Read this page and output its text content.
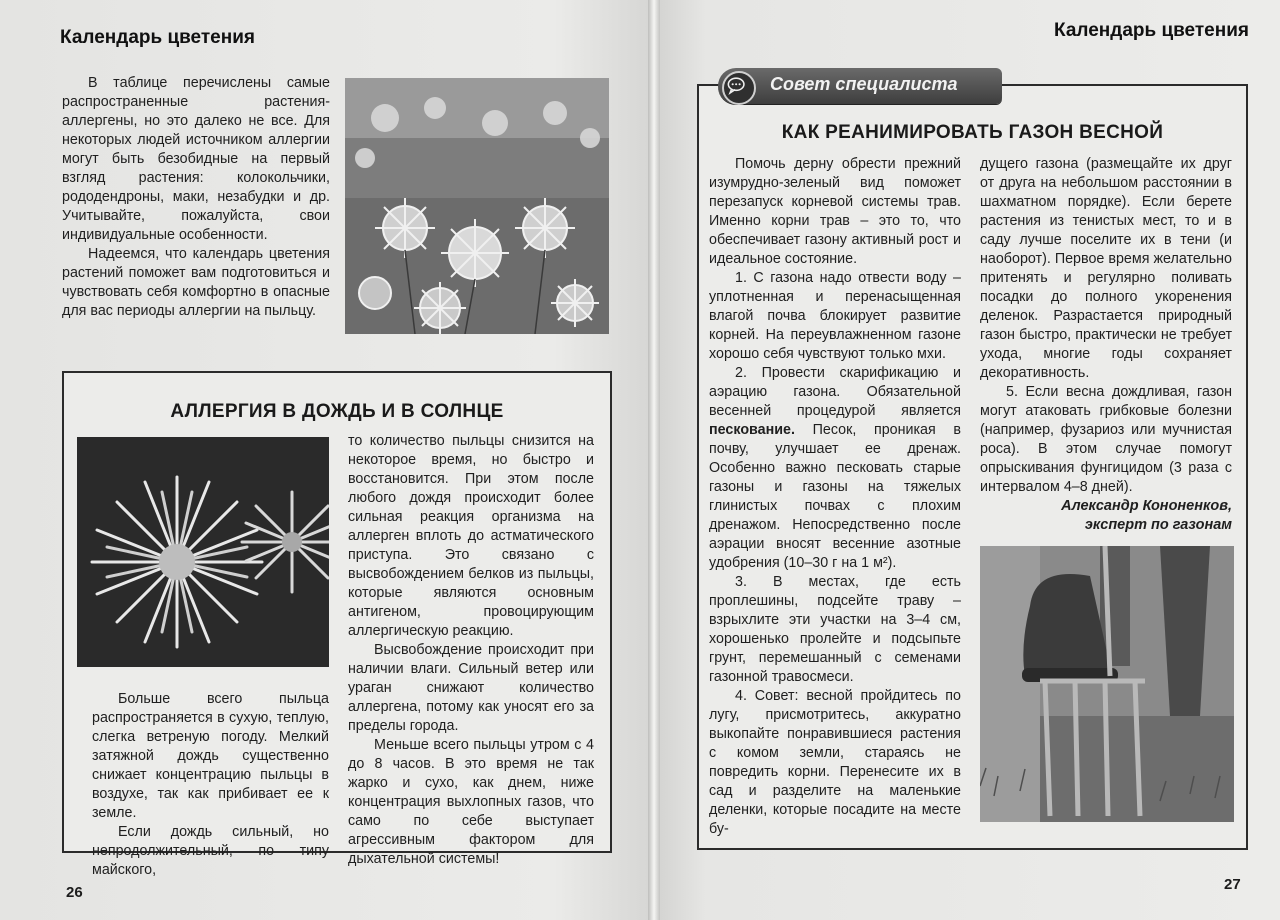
Календарь цветения

В таблице перечислены самые распространенные растения-аллергены, но это далеко не все. Для некоторых людей источником аллергии могут быть безобидные на первый взгляд растения: колокольчики, рододендроны, маки, незабудки и др. Учитывайте, пожалуйста, свои индивидуальные особенности.

Надеемся, что календарь цветения растений поможет вам подготовиться и чувствовать себя комфортно в опасные для вас периоды аллергии на пыльцу.

АЛЛЕРГИЯ В ДОЖДЬ И В СОЛНЦЕ

Больше всего пыльца распространяется в сухую, теплую, слегка ветреную погоду. Мелкий затяжной дождь существенно снижает концентрацию пыльцы в воздухе, так как прибивает ее к земле.

Если дождь сильный, но непродолжительный, по типу майского,

то количество пыльцы снизится на некоторое время, но быстро и восстановится. При этом после любого дождя происходит более сильная реакция организма на аллерген вплоть до астматического приступа. Это связано с высвобождением белков из пыльцы, которые являются основным антигеном, провоцирующим аллергическую реакцию.

Высвобождение происходит при наличии влаги. Сильный ветер или ураган снижают количество аллергена, потому как уносят его за пределы города.

Меньше всего пыльцы утром с 4 до 8 часов. В это время не так жарко и сухо, как днем, ниже концентрация выхлопных газов, что само по себе выступает агрессивным фактором для дыхательной системы!

26
Календарь цветения
КАК РЕАНИМИРОВАТЬ ГАЗОН ВЕСНОЙ

Помочь дерну обрести прежний изумрудно-зеленый вид поможет перезапуск корневой системы трав. Именно корни трав – это то, что обеспечивает газону активный рост и идеальное состояние.

1. С газона надо отвести воду – уплотненная и перенасыщенная влагой почва блокирует развитие корней. На переувлажненном газоне хорошо себя чувствуют только мхи.

2. Провести скарификацию и аэрацию газона. Обязательной весенней процедурой является пескование. Песок, проникая в почву, улучшает ее дренаж. Особенно важно песковать старые газоны и газоны на тяжелых глинистых почвах с плохим дренажом. Непосредственно после аэрации вносят весенние азотные удобрения (10–30 г на 1 м²).

3. В местах, где есть проплешины, подсейте траву – взрыхлите эти участки на 3–4 см, хорошенько пролейте и подсыпьте грунт, перемешанный с семенами газонной травосмеси.

4. Совет: весной пройдитесь по лугу, присмотритесь, аккуратно выкопайте понравившиеся растения с комом земли, стараясь не повредить корни. Перенесите их в сад и разделите на маленькие деленки, которые посадите на месте бу-

дущего газона (размещайте их друг от друга на небольшом расстоянии в шахматном порядке). Если берете растения из тенистых мест, то и в саду лучше поселите их в тени (и наоборот). Первое время желательно притенять и регулярно поливать посадки до полного укоренения деленок. Разрастается природный газон быстро, практически не требует ухода, многие годы сохраняет декоративность.

5. Если весна дождливая, газон могут атаковать грибковые болезни (например, фузариоз или мучнистая роса). В этом случае помогут опрыскивания фунгицидом (3 раза с интервалом 4–8 дней).

Александр Кононенков,
эксперт по газонам
Совет специалиста
27
